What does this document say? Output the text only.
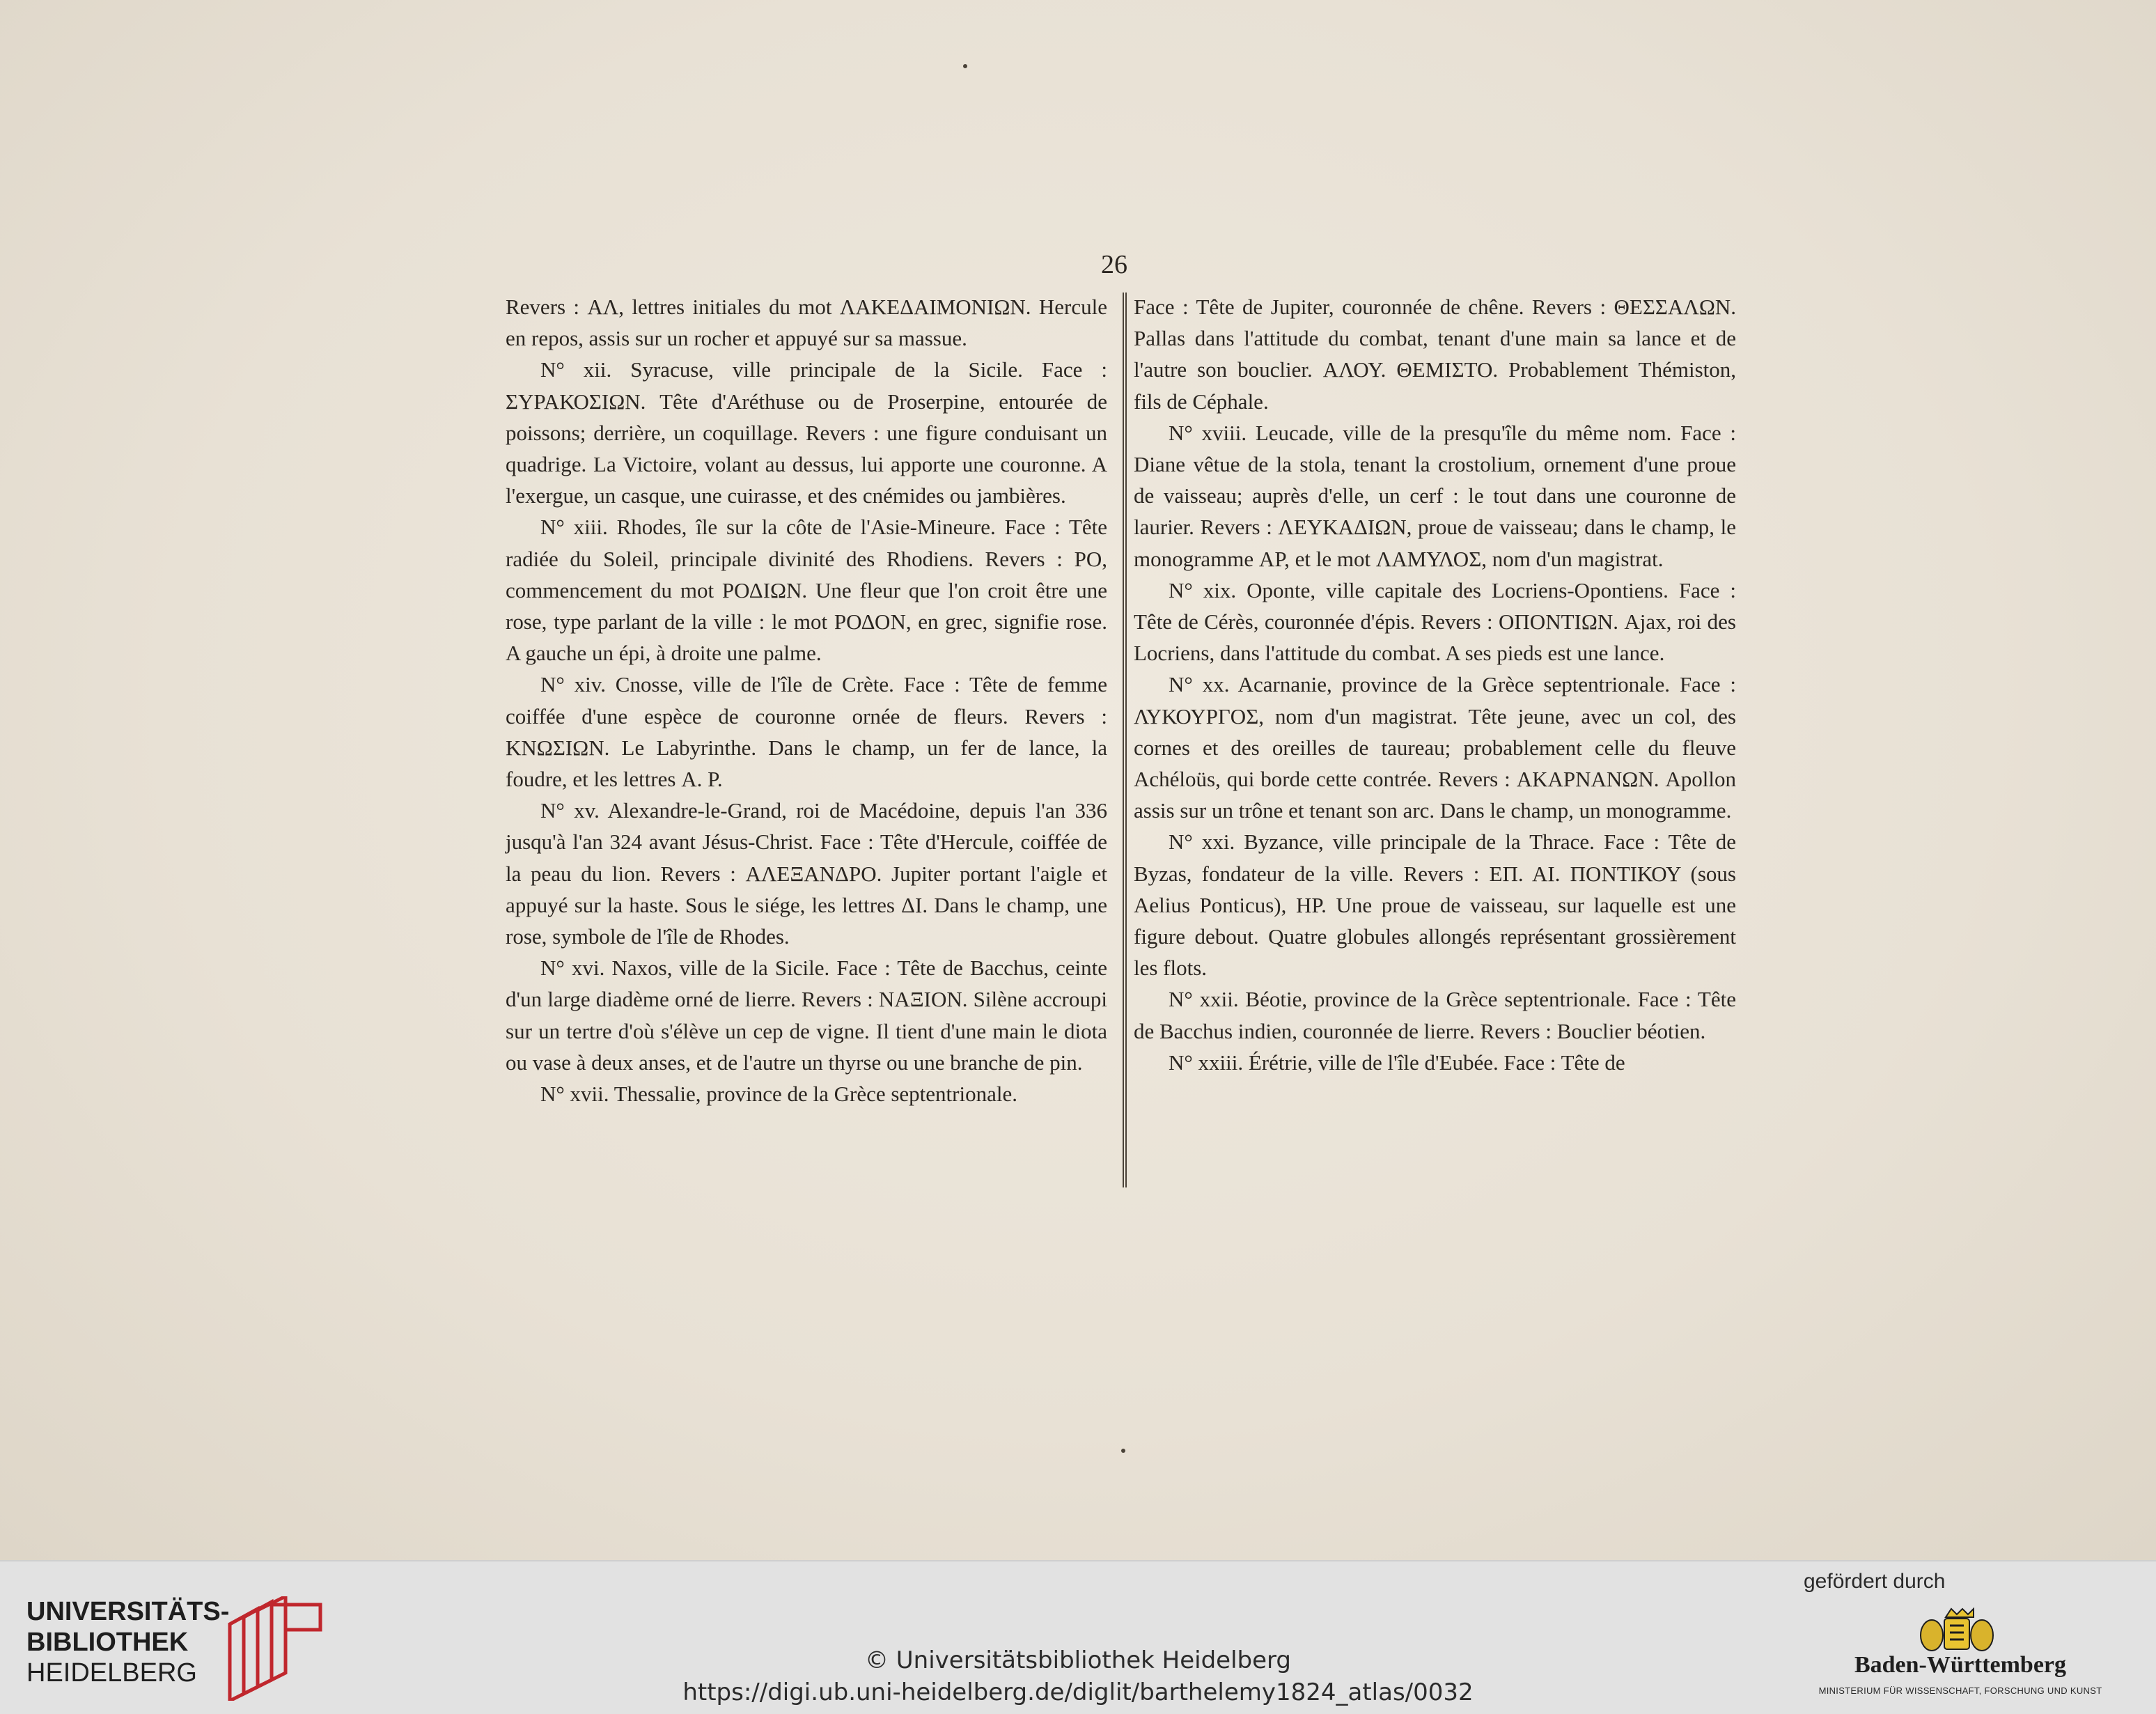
26

Revers : ΑΛ, lettres initiales du mot ΛΑΚΕΔΑΙΜΟΝΙΩΝ. Hercule en repos, assis sur un rocher et appuyé sur sa massue.

N° xii. Syracuse, ville principale de la Sicile. Face : ΣΥΡΑΚΟΣΙΩΝ. Tête d'Aréthuse ou de Proserpine, entourée de poissons; derrière, un coquillage. Revers : une figure conduisant un quadrige. La Victoire, volant au dessus, lui apporte une couronne. A l'exergue, un casque, une cuirasse, et des cnémides ou jambières.

N° xiii. Rhodes, île sur la côte de l'Asie-Mineure. Face : Tête radiée du Soleil, principale divinité des Rhodiens. Revers : ΡΟ, commencement du mot ΡΟΔΙΩΝ. Une fleur que l'on croit être une rose, type parlant de la ville : le mot ΡΟΔΟΝ, en grec, signifie rose. A gauche un épi, à droite une palme.

N° xiv. Cnosse, ville de l'île de Crète. Face : Tête de femme coiffée d'une espèce de couronne ornée de fleurs. Revers : ΚΝΩΣΙΩΝ. Le Labyrinthe. Dans le champ, un fer de lance, la foudre, et les lettres Α. Ρ.

N° xv. Alexandre-le-Grand, roi de Macédoine, depuis l'an 336 jusqu'à l'an 324 avant Jésus-Christ. Face : Tête d'Hercule, coiffée de la peau du lion. Revers : ΑΛΕΞΑΝΔΡΟ. Jupiter portant l'aigle et appuyé sur la haste. Sous le siége, les lettres ΔΙ. Dans le champ, une rose, symbole de l'île de Rhodes.

N° xvi. Naxos, ville de la Sicile. Face : Tête de Bacchus, ceinte d'un large diadème orné de lierre. Revers : ΝΑΞΙΟΝ. Silène accroupi sur un tertre d'où s'élève un cep de vigne. Il tient d'une main le diota ou vase à deux anses, et de l'autre un thyrse ou une branche de pin.

N° xvii. Thessalie, province de la Grèce septentrionale.

Face : Tête de Jupiter, couronnée de chêne. Revers : ΘΕΣΣΑΛΩΝ. Pallas dans l'attitude du combat, tenant d'une main sa lance et de l'autre son bouclier. ΑΛΟΥ. ΘΕΜΙΣΤΟ. Probablement Thémiston, fils de Céphale.

N° xviii. Leucade, ville de la presqu'île du même nom. Face : Diane vêtue de la stola, tenant la crostolium, ornement d'une proue de vaisseau; auprès d'elle, un cerf : le tout dans une couronne de laurier. Revers : ΛΕΥΚΑΔΙΩΝ, proue de vaisseau; dans le champ, le monogramme ΑΡ, et le mot ΛΑΜΥΛΟΣ, nom d'un magistrat.

N° xix. Oponte, ville capitale des Locriens-Opontiens. Face : Tête de Cérès, couronnée d'épis. Revers : ΟΠΟΝΤΙΩΝ. Ajax, roi des Locriens, dans l'attitude du combat. A ses pieds est une lance.

N° xx. Acarnanie, province de la Grèce septentrionale. Face : ΛΥΚΟΥΡΓΟΣ, nom d'un magistrat. Tête jeune, avec un col, des cornes et des oreilles de taureau; probablement celle du fleuve Achéloüs, qui borde cette contrée. Revers : ΑΚΑΡΝΑΝΩΝ. Apollon assis sur un trône et tenant son arc. Dans le champ, un monogramme.

N° xxi. Byzance, ville principale de la Thrace. Face : Tête de Byzas, fondateur de la ville. Revers : ΕΠ. ΑΙ. ΠΟΝΤΙΚΟΥ (sous Aelius Ponticus), ΗΡ. Une proue de vaisseau, sur laquelle est une figure debout. Quatre globules allongés représentant grossièrement les flots.

N° xxii. Béotie, province de la Grèce septentrionale. Face : Tête de Bacchus indien, couronnée de lierre. Revers : Bouclier béotien.

N° xxiii. Érétrie, ville de l'île d'Eubée. Face : Tête de

UNIVERSITÄTS-
BIBLIOTHEK
HEIDELBERG	© Universitätsbibliothek Heidelberg
https://digi.ub.uni-heidelberg.de/diglit/barthelemy1824_atlas/0032
gefördert durch
Baden-Württemberg
MINISTERIUM FÜR WISSENSCHAFT, FORSCHUNG UND KUNST
